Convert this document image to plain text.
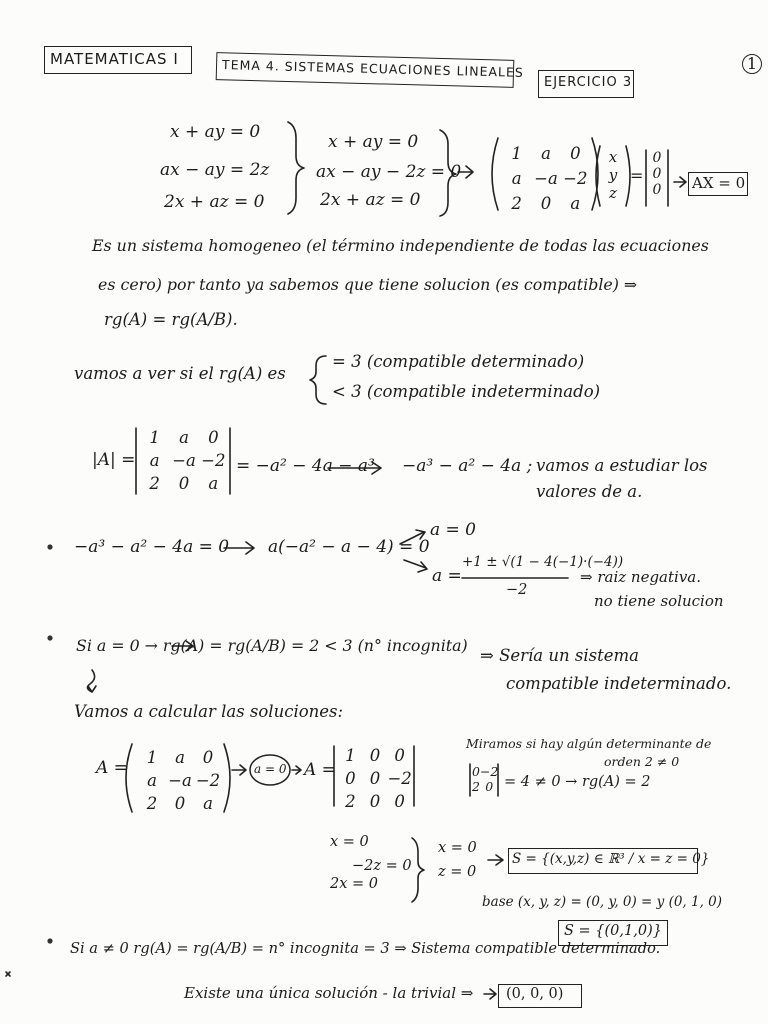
MATEMATICAS I	TEMA 4. SISTEMAS ECUACIONES LINEALES
EJERCICIO 3
1
x + ay = 0
ax − ay = 2z
2x + az = 0
x + ay = 0
ax − ay − 2z = 0
2x + az = 0
1	a	0
a −a −2
2	0	a
x
y
z
=
0
0
0	AX = 0
Es un sistema homogeneo (el término independiente de todas las ecuaciones
es cero) por tanto ya sabemos que tiene solucion (es compatible) ⇒
rg(A) = rg(A/B).
vamos a ver si el rg(A) es
= 3 (compatible determinado)
< 3 (compatible indeterminado)
|A| =
1	a	0
a −a −2
2	0	a
= −a² − 4a − a³ −a³ − a² − 4a ; vamos a estudiar los
valores de a.
−a³ − a² − 4a = 0 a(−a² − a − 4) = 0
a = 0
a =
+1 ± √(1 − 4(−1)·(−4))
−2
⇒ raiz negativa.
no tiene solucion
Si a = 0 → rg(A) = rg(A/B) = 2 < 3 (n° incognita)
⇒ Sería un sistema
compatible indeterminado.
Vamos a calcular las soluciones:
A =
1	a	0
a −a −2
2	0	a
a = 0 A =
1 0 0
0 0 −2
2 0 0
Miramos si hay algún determinante de
orden 2 ≠ 0
0 −2
2 0 = 4 ≠ 0 → rg(A) = 2
x = 0
−2z = 0
2x = 0
x = 0
z = 0
S = {(x,y,z) ∈ ℝ³ / x = z = 0}
base (x, y, z) = (0, y, 0) = y (0, 1, 0)
S = {(0,1,0)}
Si a ≠ 0 rg(A) = rg(A/B) = n° incognita = 3 ⇒ Sistema compatible determinado.
Existe una única solución - la trivial ⇒ (0, 0, 0)
